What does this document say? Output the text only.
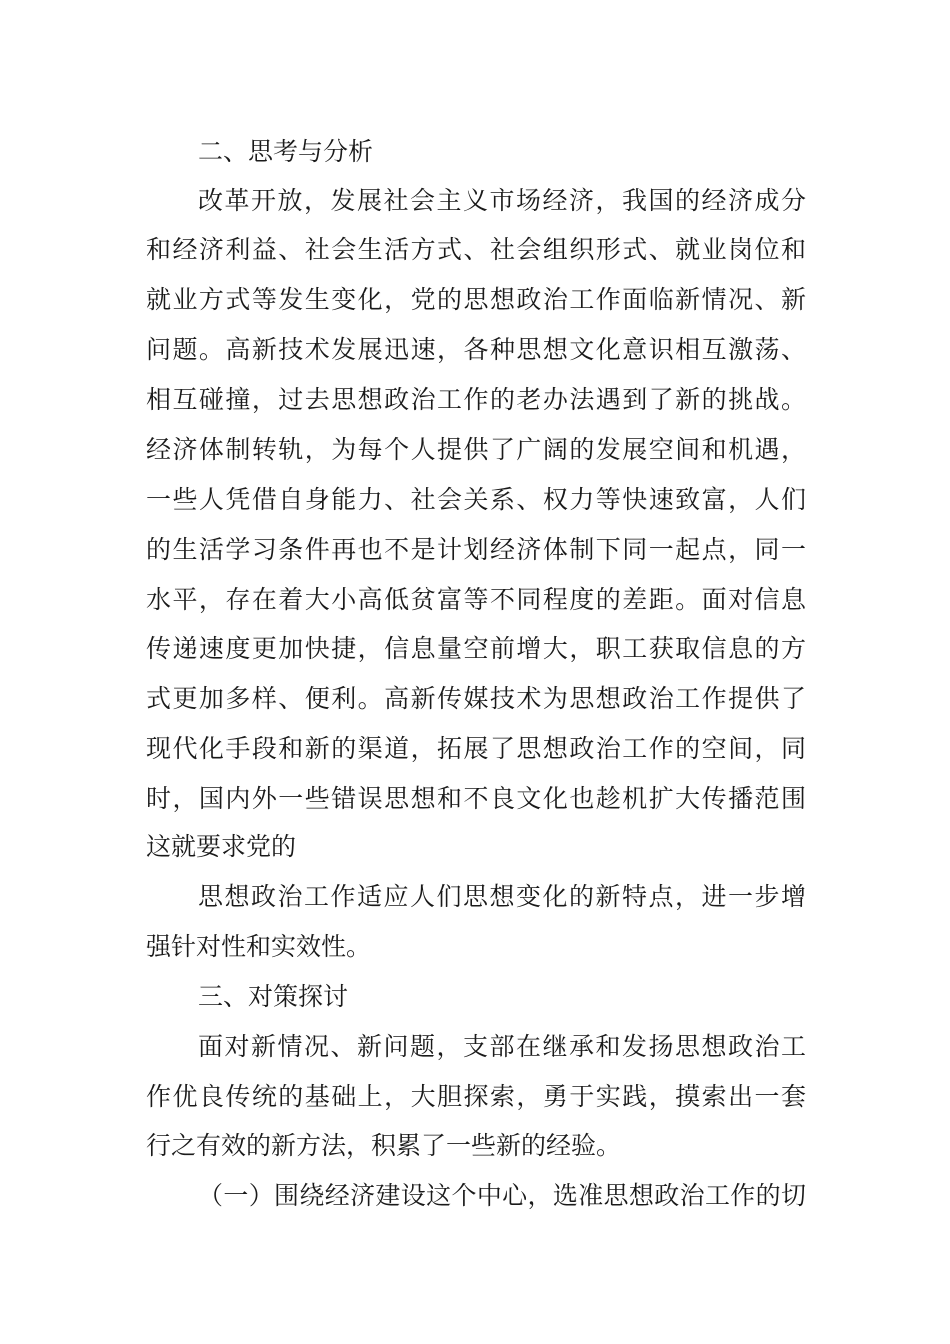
二、思考与分析
改革开放，发展社会主义市场经济，我国的经济成分
和经济利益、社会生活方式、社会组织形式、就业岗位和
就业方式等发生变化，党的思想政治工作面临新情况、新
问题。高新技术发展迅速，各种思想文化意识相互激荡、
相互碰撞，过去思想政治工作的老办法遇到了新的挑战。
经济体制转轨，为每个人提供了广阔的发展空间和机遇，
一些人凭借自身能力、社会关系、权力等快速致富，人们
的生活学习条件再也不是计划经济体制下同一起点，同一
水平，存在着大小高低贫富等不同程度的差距。面对信息
传递速度更加快捷，信息量空前增大，职工获取信息的方
式更加多样、便利。高新传媒技术为思想政治工作提供了
现代化手段和新的渠道，拓展了思想政治工作的空间，同
时，国内外一些错误思想和不良文化也趁机扩大传播范围
这就要求党的
思想政治工作适应人们思想变化的新特点，进一步增
强针对性和实效性。
三、对策探讨
面对新情况、新问题，支部在继承和发扬思想政治工
作优良传统的基础上，大胆探索，勇于实践，摸索出一套
行之有效的新方法，积累了一些新的经验。
（一）围绕经济建设这个中心，选准思想政治工作的切
